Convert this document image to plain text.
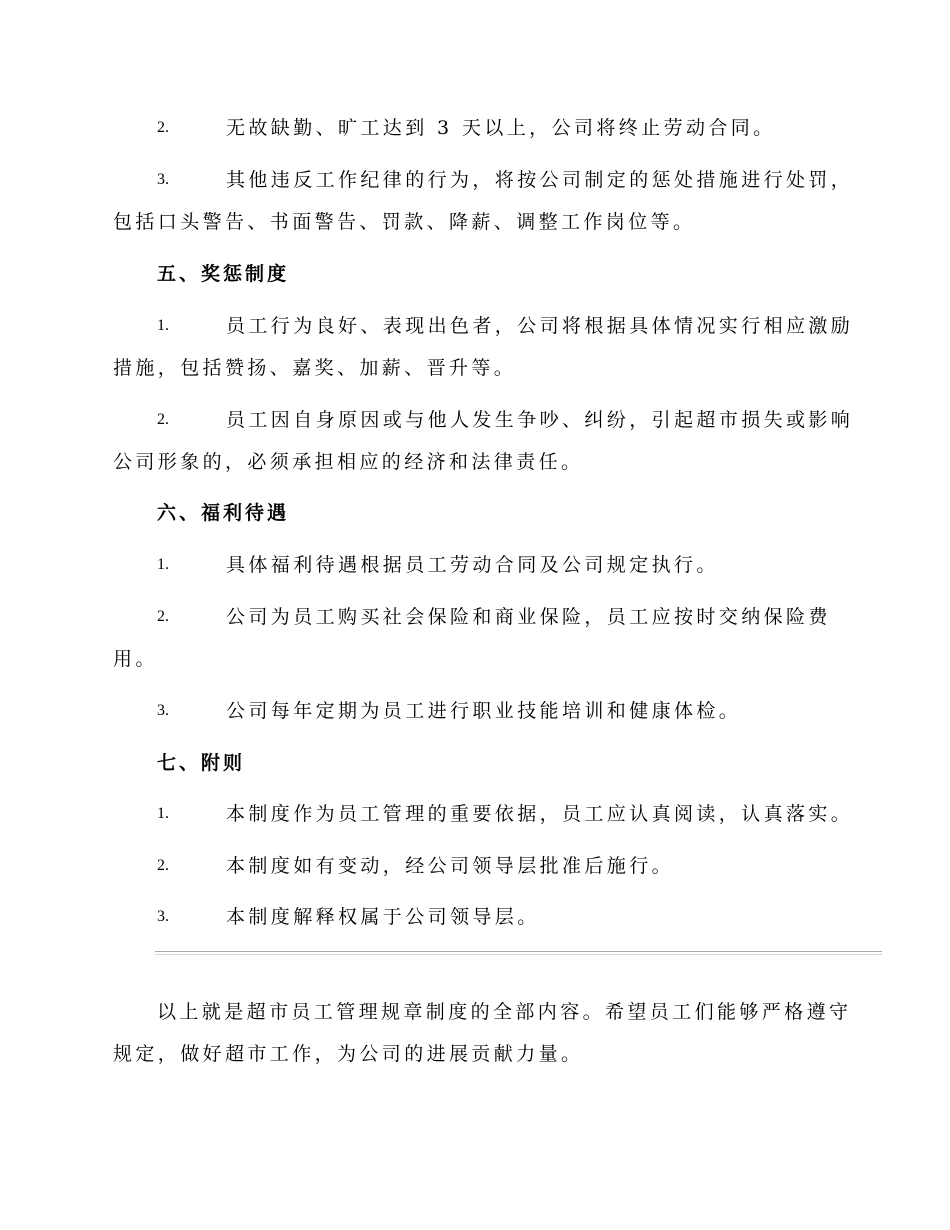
2.	无故缺勤、旷工达到 3 天以上，公司将终止劳动合同。
3.	其他违反工作纪律的行为，将按公司制定的惩处措施进行处罚，
包括口头警告、书面警告、罚款、降薪、调整工作岗位等。
五、奖惩制度
1.	员工行为良好、表现出色者，公司将根据具体情况实行相应激励
措施，包括赞扬、嘉奖、加薪、晋升等。
2.	员工因自身原因或与他人发生争吵、纠纷，引起超市损失或影响
公司形象的，必须承担相应的经济和法律责任。
六、福利待遇
1.	具体福利待遇根据员工劳动合同及公司规定执行。
2.	公司为员工购买社会保险和商业保险，员工应按时交纳保险费
用。
3.	公司每年定期为员工进行职业技能培训和健康体检。
七、附则
1.	本制度作为员工管理的重要依据，员工应认真阅读，认真落实。
2.	本制度如有变动，经公司领导层批准后施行。
3.	本制度解释权属于公司领导层。
以上就是超市员工管理规章制度的全部内容。希望员工们能够严格遵守
规定，做好超市工作，为公司的进展贡献力量。
